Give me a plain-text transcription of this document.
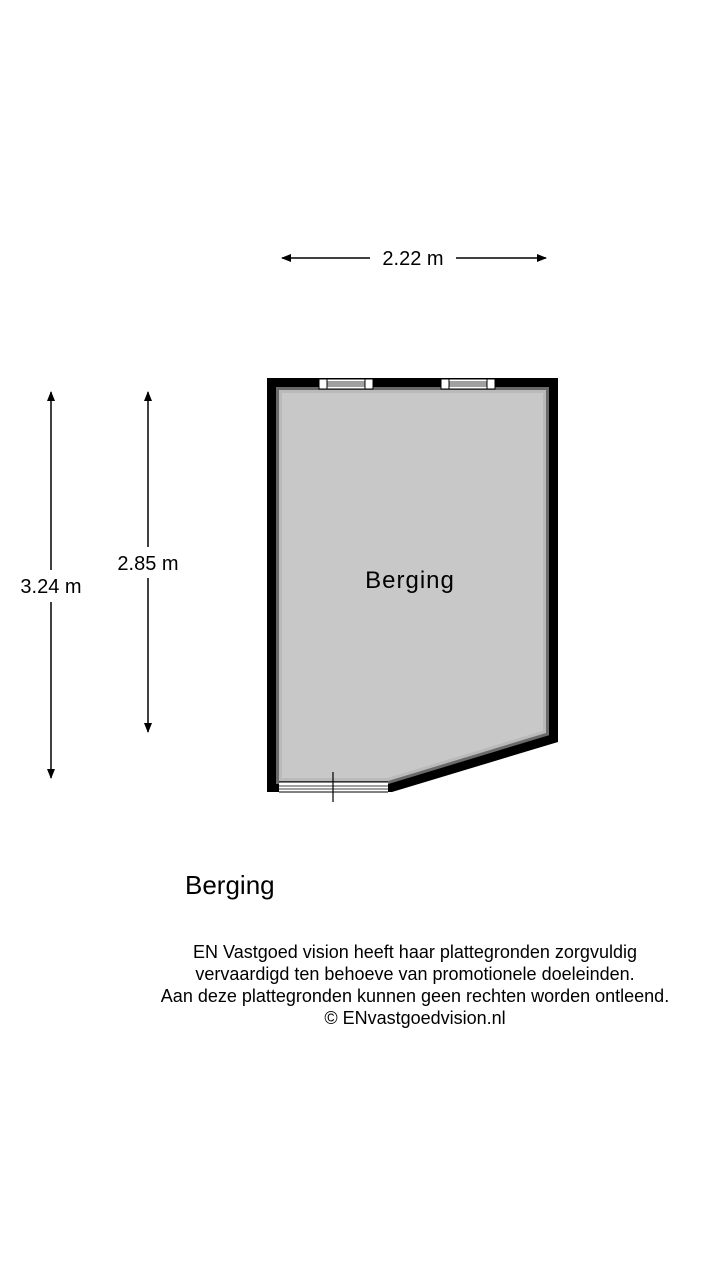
2.22 m
3.24 m
2.85 m
Berging
Berging
EN Vastgoed vision heeft haar plattegronden zorgvuldig
vervaardigd ten behoeve van promotionele doeleinden.
Aan deze plattegronden kunnen geen rechten worden ontleend.
© ENvastgoedvision.nl
